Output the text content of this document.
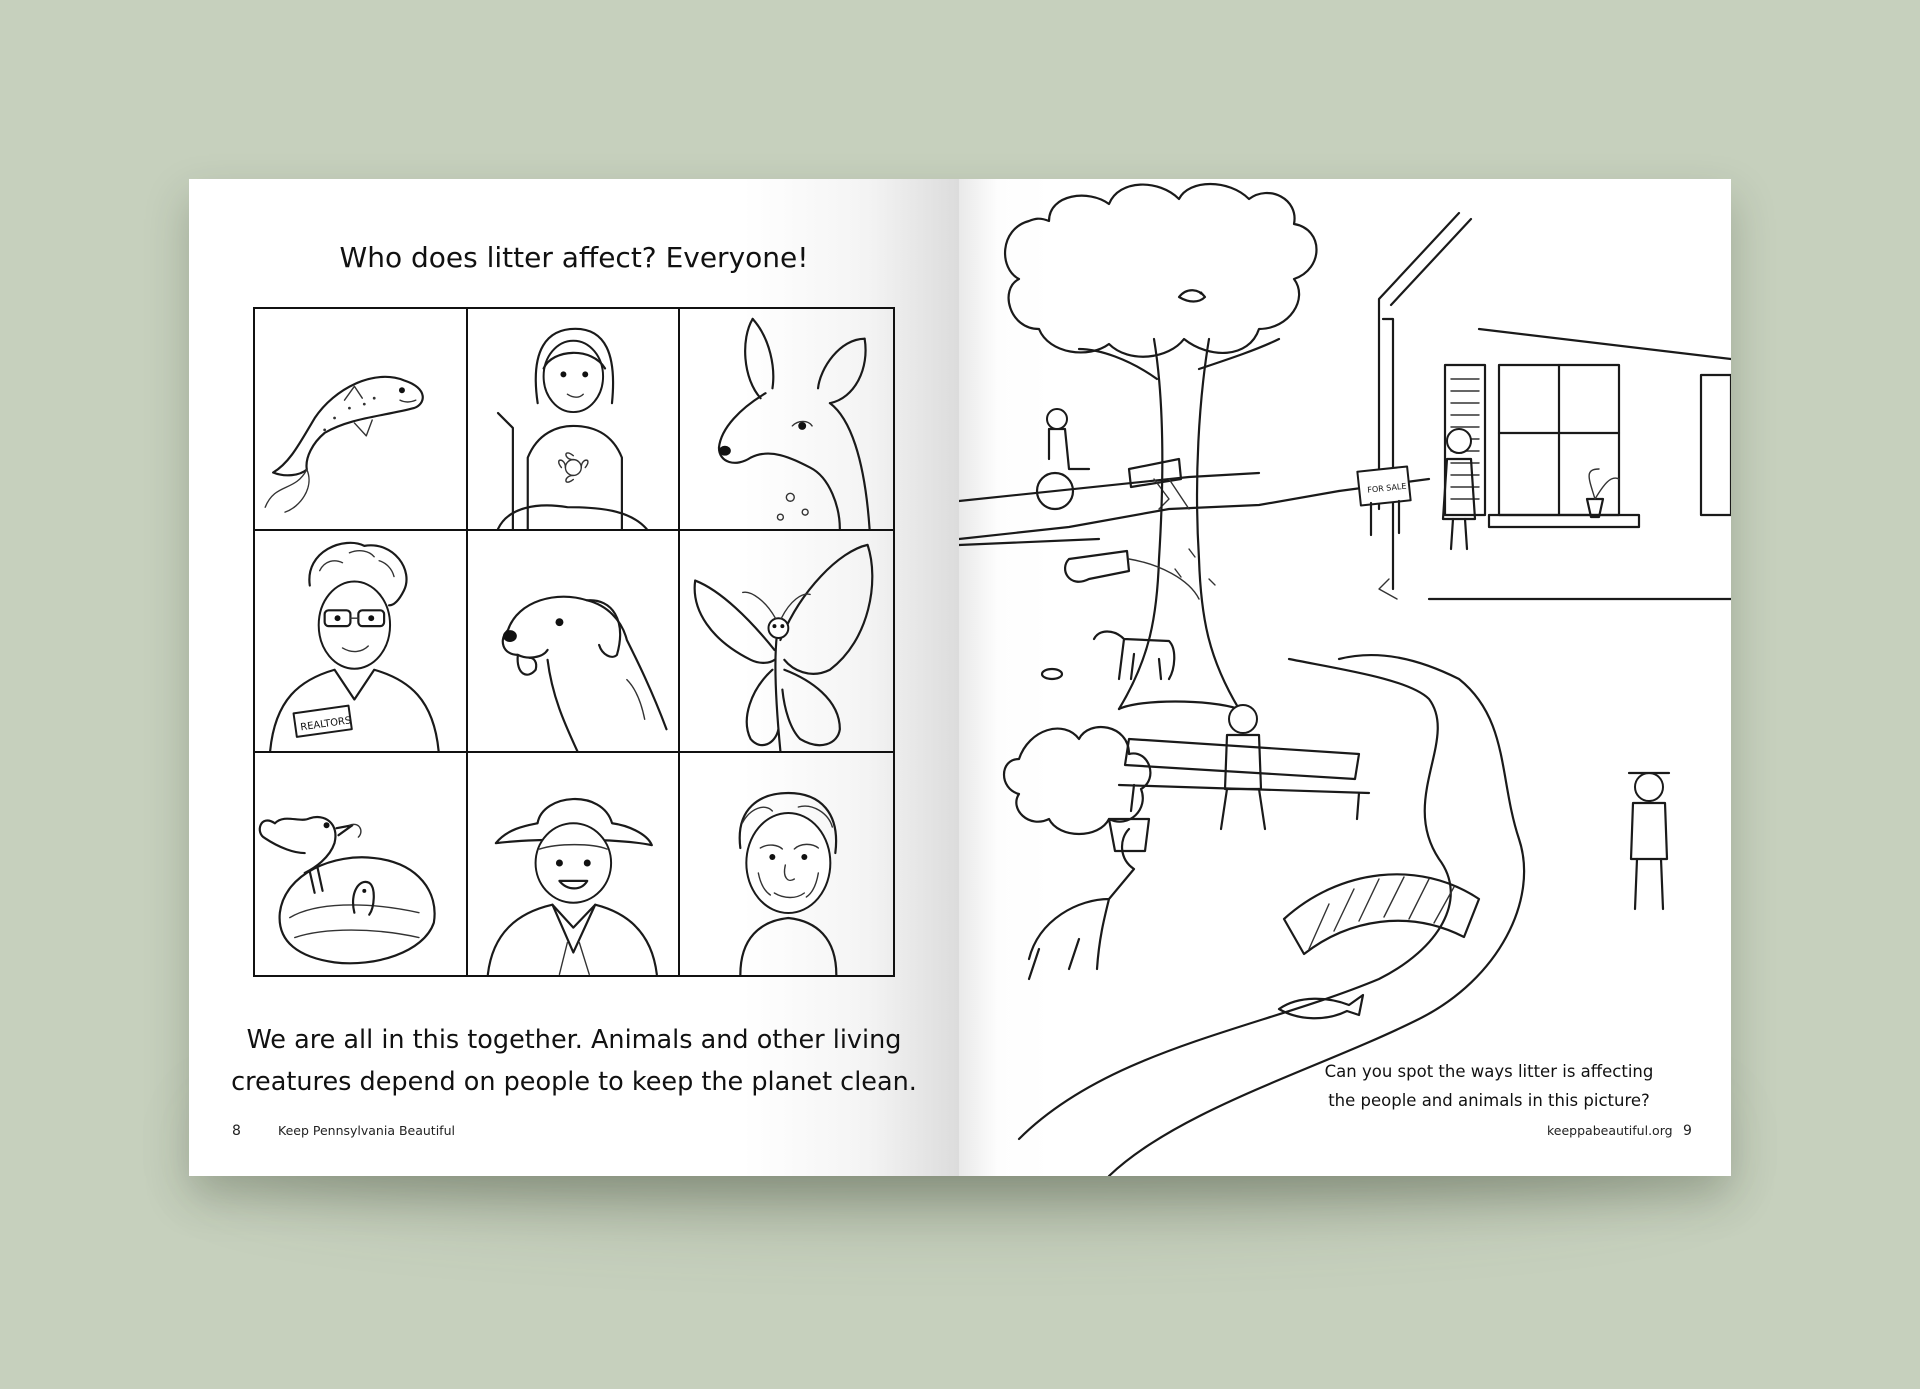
Who does litter affect? Everyone!
REALTORS
We are all in this together. Animals and other living
creatures depend on people to keep the planet clean.
8	Keep Pennsylvania Beautiful
FOR SALE
Can you spot the ways litter is affecting
the people and animals in this picture?
keeppabeautiful.org 9
